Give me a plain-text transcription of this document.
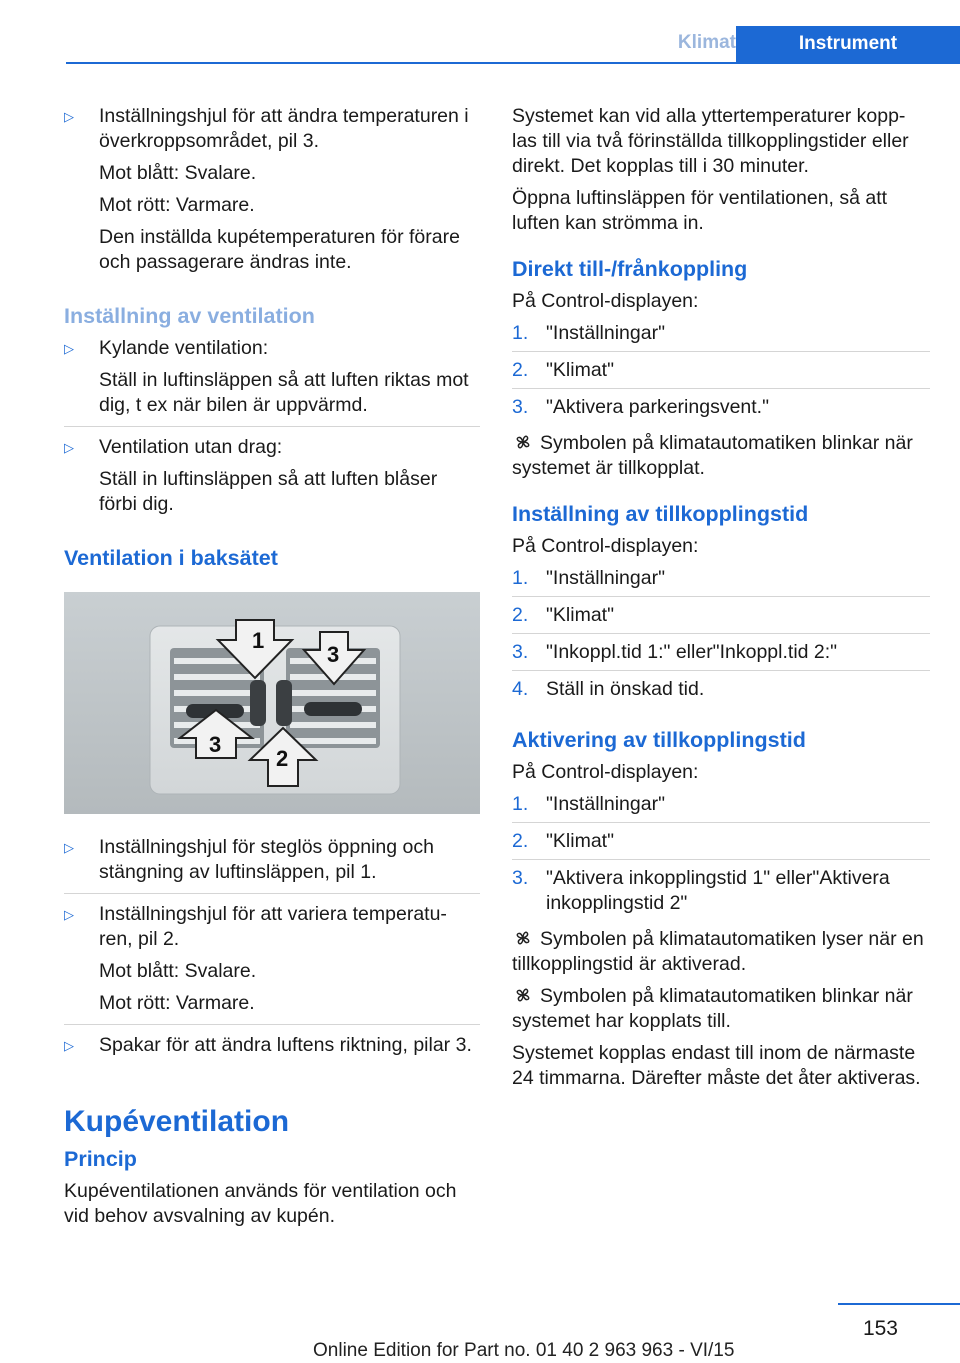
Klimat	Instrument
▷ Inställningshjul för att ändra temperaturen i överkroppsområdet, pil 3.

Mot blått: Svalare.

Mot rött: Varmare.

Den inställda kupétemperaturen för förare och passagerare ändras inte.

Inställning av ventilation
▷ Kylande ventilation:

Ställ in luftinsläppen så att luften riktas mot dig, t ex när bilen är uppvärmd.

▷ Ventilation utan drag:

Ställ in luftinsläppen så att luften blåser förbi dig.

Ventilation i baksätet
1
3
3
2
▷ Inställningshjul för steglös öppning och stängning av luftinsläppen, pil 1.

▷ Inställningshjul för att variera temperatu‐ ren, pil 2.

Mot blått: Svalare.

Mot rött: Varmare.

▷ Spakar för att ändra luftens riktning, pilar 3.

Kupéventilation
Princip

Kupéventilationen används för ventilation och vid behov avsvalning av kupén.

Systemet kan vid alla yttertemperaturer kopp‐ las till via två förinställda tillkopplingstider eller direkt. Det kopplas till i 30 minuter.

Öppna luftinsläppen för ventilationen, så att luften kan strömma in.

Direkt till-/frånkoppling

På Control-displayen:

1. "Inställningar"
2. "Klimat"
3. "Aktivera parkeringsvent."

Symbolen på klimatautomatiken blinkar när systemet är tillkopplat.

Inställning av tillkopplingstid

På Control-displayen:

1. "Inställningar"
2. "Klimat"
3. "Inkoppl.tid 1:" eller"Inkoppl.tid 2:"
4. Ställ in önskad tid.
Aktivering av tillkopplingstid

På Control-displayen:

1. "Inställningar"
2. "Klimat"
3. "Aktivera inkopplingstid 1" eller"Aktivera inkopplingstid 2"

Symbolen på klimatautomatiken lyser när en tillkopplingstid är aktiverad.

Symbolen på klimatautomatiken blinkar när systemet har kopplats till.

Systemet kopplas endast till inom de närmaste 24 timmarna. Därefter måste det åter aktiveras.

153
Online Edition for Part no. 01 40 2 963 963 - VI/15
